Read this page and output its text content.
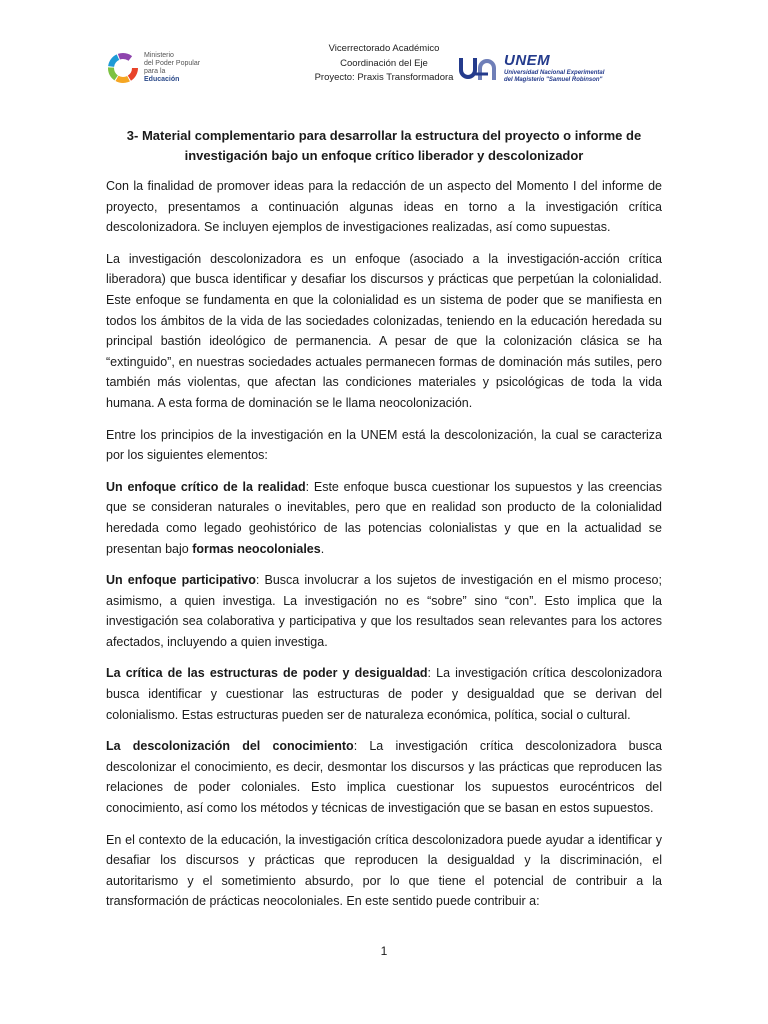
Ministerio
del Poder Popular
para la Educación
Vicerrectorado Académico
Coordinación del Eje
Proyecto: Praxis Transformadora
UNEM
Universidad Nacional Experimental
del Magisterio "Samuel Robinson"
3- Material complementario para desarrollar la estructura del proyecto o informe de
investigación bajo un enfoque crítico liberador y descolonizador

Con la finalidad de promover ideas para la redacción de un aspecto del Momento I del informe de proyecto, presentamos a continuación algunas ideas en torno a la investigación crítica descolonizadora. Se incluyen ejemplos de investigaciones realizadas, así como supuestas.

La investigación descolonizadora es un enfoque (asociado a la investigación-acción crítica liberadora) que busca identificar y desafiar los discursos y prácticas que perpetúan la colonialidad. Este enfoque se fundamenta en que la colonialidad es un sistema de poder que se manifiesta en todos los ámbitos de la vida de las sociedades colonizadas, teniendo en la educación heredada su principal bastión ideológico de permanencia. A pesar de que la colonización clásica se ha “extinguido”, en nuestras sociedades actuales permanecen formas de dominación más sutiles, pero también más violentas, que afectan las condiciones materiales y psicológicas de toda la vida humana. A esta forma de dominación se le llama neocolonización.

Entre los principios de la investigación en la UNEM está la descolonización, la cual se caracteriza por los siguientes elementos:

Un enfoque crítico de la realidad: Este enfoque busca cuestionar los supuestos y las creencias que se consideran naturales o inevitables, pero que en realidad son producto de la colonialidad heredada como legado geohistórico de las potencias colonialistas y que en la actualidad se presentan bajo formas neocoloniales.

Un enfoque participativo: Busca involucrar a los sujetos de investigación en el mismo proceso; asimismo, a quien investiga. La investigación no es “sobre” sino “con”. Esto implica que la investigación sea colaborativa y participativa y que los resultados sean relevantes para los actores afectados, incluyendo a quien investiga.

La crítica de las estructuras de poder y desigualdad: La investigación crítica descolonizadora busca identificar y cuestionar las estructuras de poder y desigualdad que se derivan del colonialismo. Estas estructuras pueden ser de naturaleza económica, política, social o cultural.

La descolonización del conocimiento: La investigación crítica descolonizadora busca descolonizar el conocimiento, es decir, desmontar los discursos y las prácticas que reproducen las relaciones de poder coloniales. Esto implica cuestionar los supuestos eurocéntricos del conocimiento, así como los métodos y técnicas de investigación que se basan en estos supuestos.

En el contexto de la educación, la investigación crítica descolonizadora puede ayudar a identificar y desafiar los discursos y prácticas que reproducen la desigualdad y la discriminación, el autoritarismo y el sometimiento absurdo, por lo que tiene el potencial de contribuir a la transformación de prácticas neocoloniales. En este sentido puede contribuir a:

1
